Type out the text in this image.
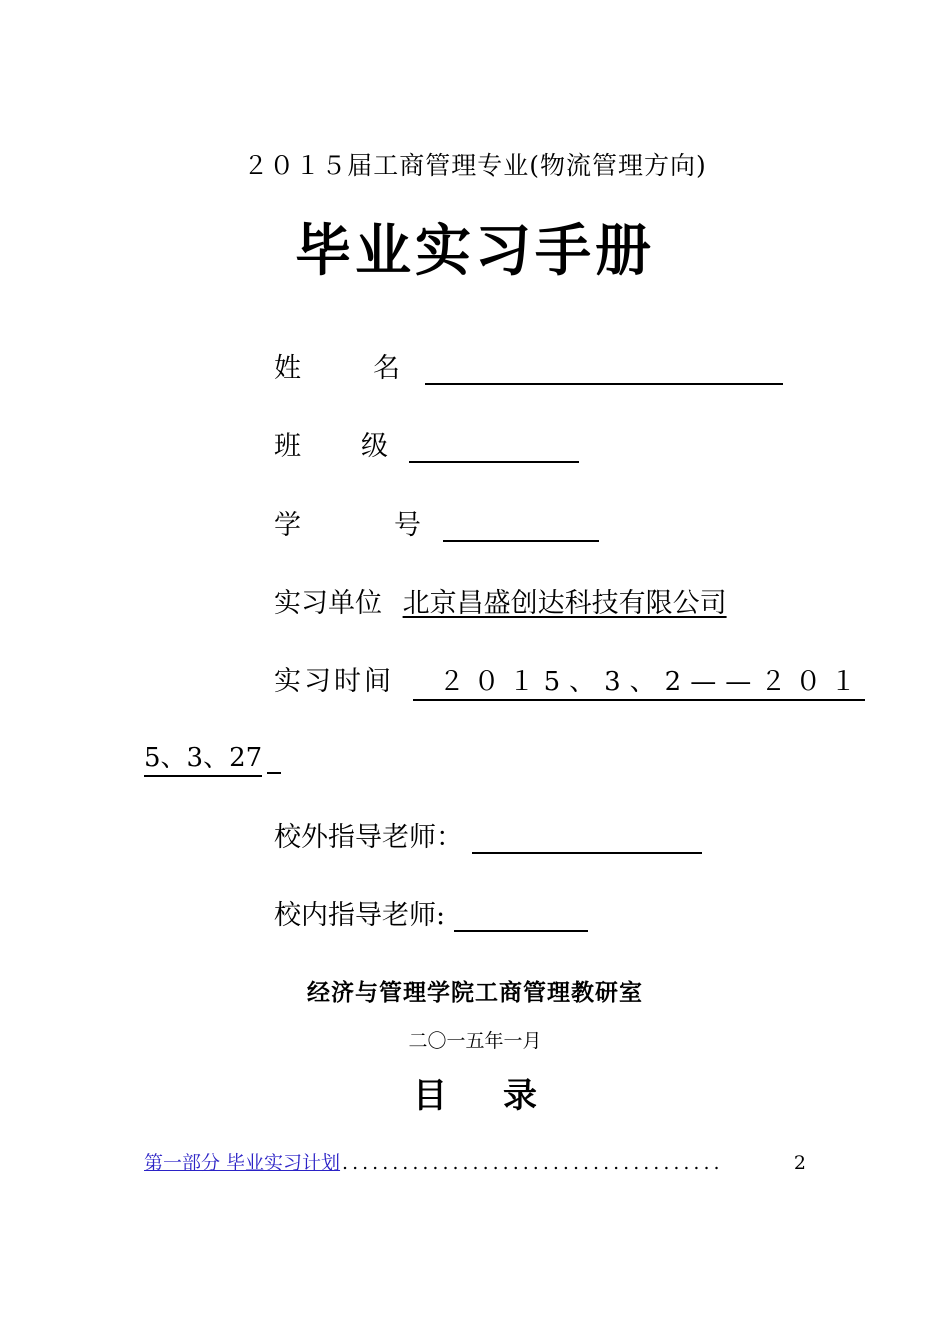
２０１５届工商管理专业(物流管理方向)
毕业实习手册
姓　　名
班　　级
学　　　号
实习单位 北京昌盛创达科技有限公司
实习时间 ２０１5、3、2——２０１
5、3、27
校外指导老师：
校内指导老师:
经济与管理学院工商管理教研室
二〇一五年一月
目 录
第一部分 毕业实习计划 ......................................	2
